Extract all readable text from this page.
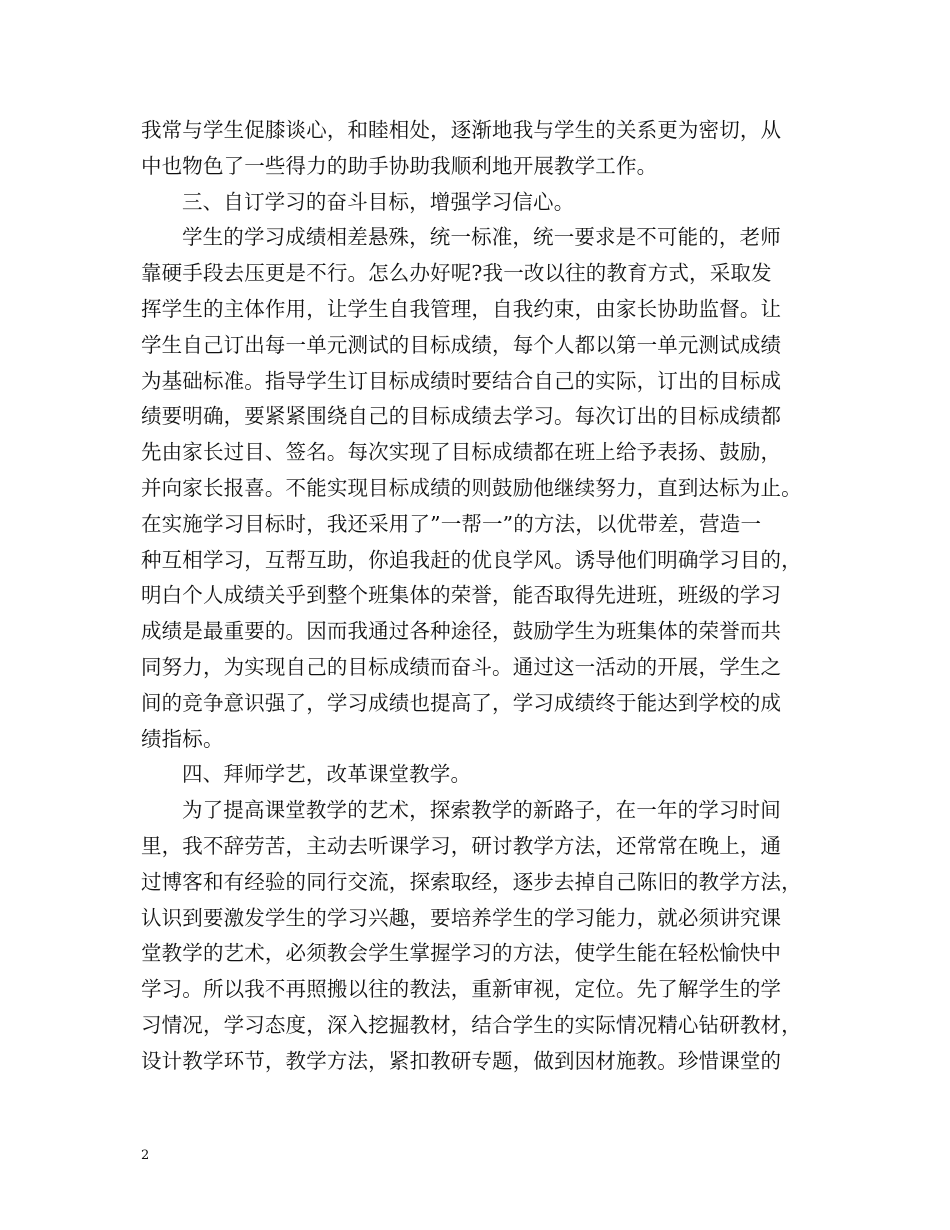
我常与学生促膝谈心，和睦相处，逐渐地我与学生的关系更为密切，从
中也物色了一些得力的助手协助我顺利地开展教学工作。
三、自订学习的奋斗目标，增强学习信心。
学生的学习成绩相差悬殊，统一标准，统一要求是不可能的，老师
靠硬手段去压更是不行。怎么办好呢?我一改以往的教育方式，采取发
挥学生的主体作用，让学生自我管理，自我约束，由家长协助监督。让
学生自己订出每一单元测试的目标成绩，每个人都以第一单元测试成绩
为基础标准。指导学生订目标成绩时要结合自己的实际，订出的目标成
绩要明确，要紧紧围绕自己的目标成绩去学习。每次订出的目标成绩都
先由家长过目、签名。每次实现了目标成绩都在班上给予表扬、鼓励，
并向家长报喜。不能实现目标成绩的则鼓励他继续努力，直到达标为止。
在实施学习目标时，我还采用了”一帮一”的方法，以优带差，营造一
种互相学习，互帮互助，你追我赶的优良学风。诱导他们明确学习目的，
明白个人成绩关乎到整个班集体的荣誉，能否取得先进班，班级的学习
成绩是最重要的。因而我通过各种途径，鼓励学生为班集体的荣誉而共
同努力，为实现自己的目标成绩而奋斗。通过这一活动的开展，学生之
间的竞争意识强了，学习成绩也提高了，学习成绩终于能达到学校的成
绩指标。
四、拜师学艺，改革课堂教学。
为了提高课堂教学的艺术，探索教学的新路子，在一年的学习时间
里，我不辞劳苦，主动去听课学习，研讨教学方法，还常常在晚上，通
过博客和有经验的同行交流，探索取经，逐步去掉自己陈旧的教学方法，
认识到要激发学生的学习兴趣，要培养学生的学习能力，就必须讲究课
堂教学的艺术，必须教会学生掌握学习的方法，使学生能在轻松愉快中
学习。所以我不再照搬以往的教法，重新审视，定位。先了解学生的学
习情况，学习态度，深入挖掘教材，结合学生的实际情况精心钻研教材，
设计教学环节，教学方法，紧扣教研专题，做到因材施教。珍惜课堂的
2
